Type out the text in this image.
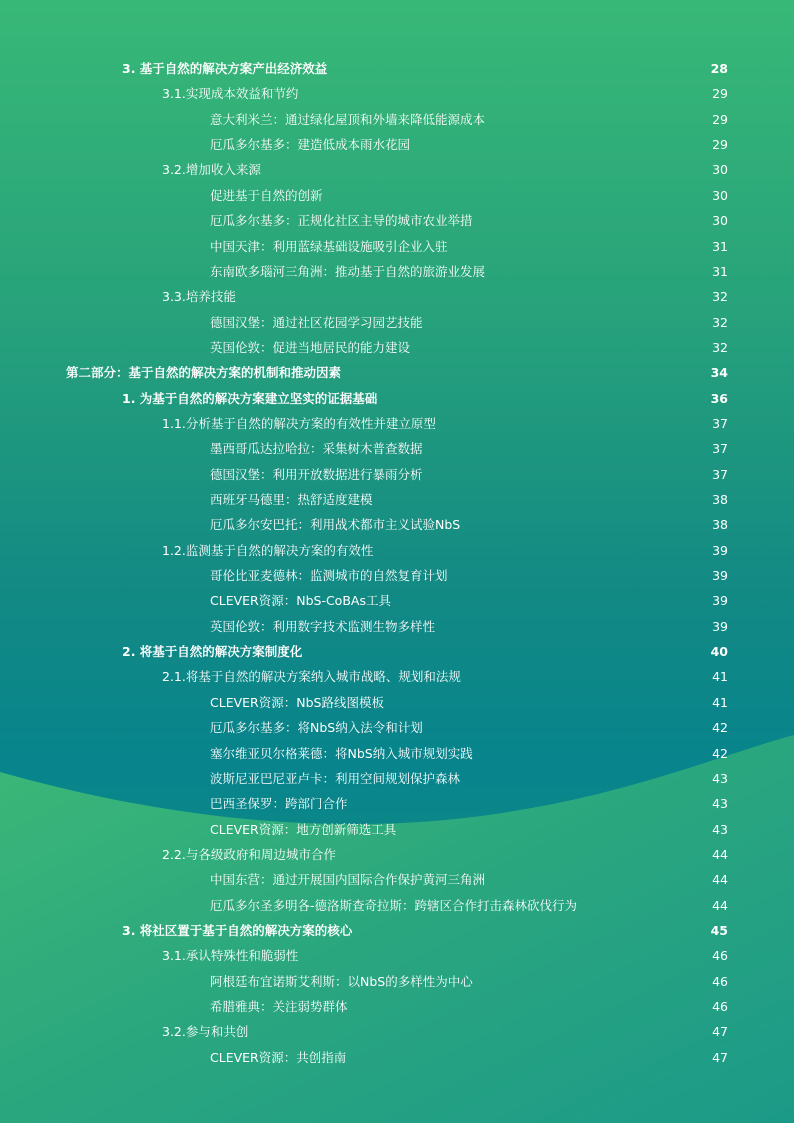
3. 基于自然的解决方案产出经济效益	28
3.1.实现成本效益和节约	29
意大利米兰：通过绿化屋顶和外墙来降低能源成本	29
厄瓜多尔基多：建造低成本雨水花园	29
3.2.增加收入来源	30
促进基于自然的创新	30
厄瓜多尔基多：正规化社区主导的城市农业举措	30
中国天津：利用蓝绿基础设施吸引企业入驻	31
东南欧多瑙河三角洲：推动基于自然的旅游业发展	31
3.3.培养技能	32
德国汉堡：通过社区花园学习园艺技能	32
英国伦敦：促进当地居民的能力建设	32
第二部分：基于自然的解决方案的机制和推动因素	34
1. 为基于自然的解决方案建立坚实的证据基础	36
1.1.分析基于自然的解决方案的有效性并建立原型	37
墨西哥瓜达拉哈拉：采集树木普查数据	37
德国汉堡：利用开放数据进行暴雨分析	37
西班牙马德里：热舒适度建模	38
厄瓜多尔安巴托：利用战术都市主义试验NbS	38
1.2.监测基于自然的解决方案的有效性	39
哥伦比亚麦德林：监测城市的自然复育计划	39
CLEVER资源：NbS-CoBAs工具	39
英国伦敦：利用数字技术监测生物多样性	39
2. 将基于自然的解决方案制度化	40
2.1.将基于自然的解决方案纳入城市战略、规划和法规	41
CLEVER资源：NbS路线图模板	41
厄瓜多尔基多：将NbS纳入法令和计划	42
塞尔维亚贝尔格莱德：将NbS纳入城市规划实践	42
波斯尼亚巴尼亚卢卡：利用空间规划保护森林	43
巴西圣保罗：跨部门合作	43
CLEVER资源：地方创新筛选工具	43
2.2.与各级政府和周边城市合作	44
中国东营：通过开展国内国际合作保护黄河三角洲	44
厄瓜多尔圣多明各-德洛斯查奇拉斯：跨辖区合作打击森林砍伐行为	44
3. 将社区置于基于自然的解决方案的核心	45
3.1.承认特殊性和脆弱性	46
阿根廷布宜诺斯艾利斯：以NbS的多样性为中心	46
希腊雅典：关注弱势群体	46
3.2.参与和共创	47
CLEVER资源：共创指南	47
